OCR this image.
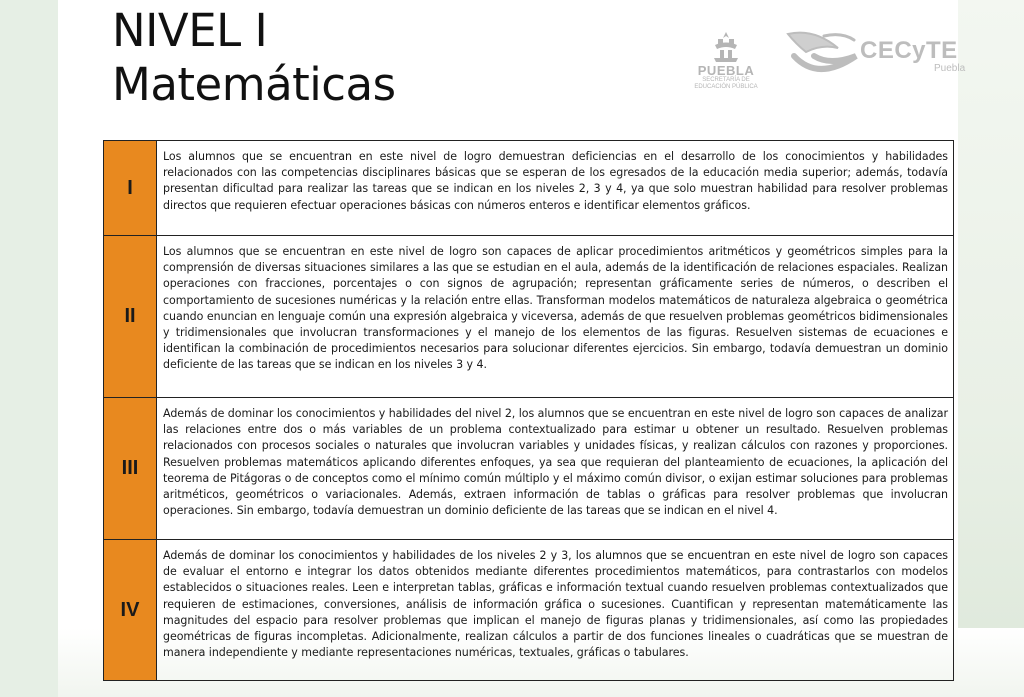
NIVEL I
Matemáticas	PUEBLA
SECRETARÍA DE
EDUCACIÓN PÚBLICA
CECyTE
Puebla
I	Los alumnos que se encuentran en este nivel de logro demuestran deficiencias en el desarrollo de los conocimientos y habilidades relacionados con las competencias disciplinares básicas que se esperan de los egresados de la educación media superior; además, todavía presentan dificultad para realizar las tareas que se indican en los niveles 2, 3 y 4, ya que solo muestran habilidad para resolver problemas directos que requieren efectuar operaciones básicas con números enteros e identificar elementos gráficos.
II	Los alumnos que se encuentran en este nivel de logro son capaces de aplicar procedimientos aritméticos y geométricos simples para la comprensión de diversas situaciones similares a las que se estudian en el aula, además de la identificación de relaciones espaciales. Realizan operaciones con fracciones, porcentajes o con signos de agrupación; representan gráficamente series de números, o describen el comportamiento de sucesiones numéricas y la relación entre ellas. Transforman modelos matemáticos de naturaleza algebraica o geométrica cuando enuncian en lenguaje común una expresión algebraica y viceversa, además de que resuelven problemas geométricos bidimensionales y tridimensionales que involucran transformaciones y el manejo de los elementos de las figuras. Resuelven sistemas de ecuaciones e identifican la combinación de procedimientos necesarios para solucionar diferentes ejercicios. Sin embargo, todavía demuestran un dominio deficiente de las tareas que se indican en los niveles 3 y 4.
III	Además de dominar los conocimientos y habilidades del nivel 2, los alumnos que se encuentran en este nivel de logro son capaces de analizar las relaciones entre dos o más variables de un problema contextualizado para estimar u obtener un resultado. Resuelven problemas relacionados con procesos sociales o naturales que involucran variables y unidades físicas, y realizan cálculos con razones y proporciones. Resuelven problemas matemáticos aplicando diferentes enfoques, ya sea que requieran del planteamiento de ecuaciones, la aplicación del teorema de Pitágoras o de conceptos como el mínimo común múltiplo y el máximo común divisor, o exijan estimar soluciones para problemas aritméticos, geométricos o variacionales. Además, extraen información de tablas o gráficas para resolver problemas que involucran operaciones. Sin embargo, todavía demuestran un dominio deficiente de las tareas que se indican en el nivel 4.
IV	Además de dominar los conocimientos y habilidades de los niveles 2 y 3, los alumnos que se encuentran en este nivel de logro son capaces de evaluar el entorno e integrar los datos obtenidos mediante diferentes procedimientos matemáticos, para contrastarlos con modelos establecidos o situaciones reales. Leen e interpretan tablas, gráficas e información textual cuando resuelven problemas contextualizados que requieren de estimaciones, conversiones, análisis de información gráfica o sucesiones. Cuantifican y representan matemáticamente las magnitudes del espacio para resolver problemas que implican el manejo de figuras planas y tridimensionales, así como las propiedades geométricas de figuras incompletas. Adicionalmente, realizan cálculos a partir de dos funciones lineales o cuadráticas que se muestran de manera independiente y mediante representaciones numéricas, textuales, gráficas o tabulares.
